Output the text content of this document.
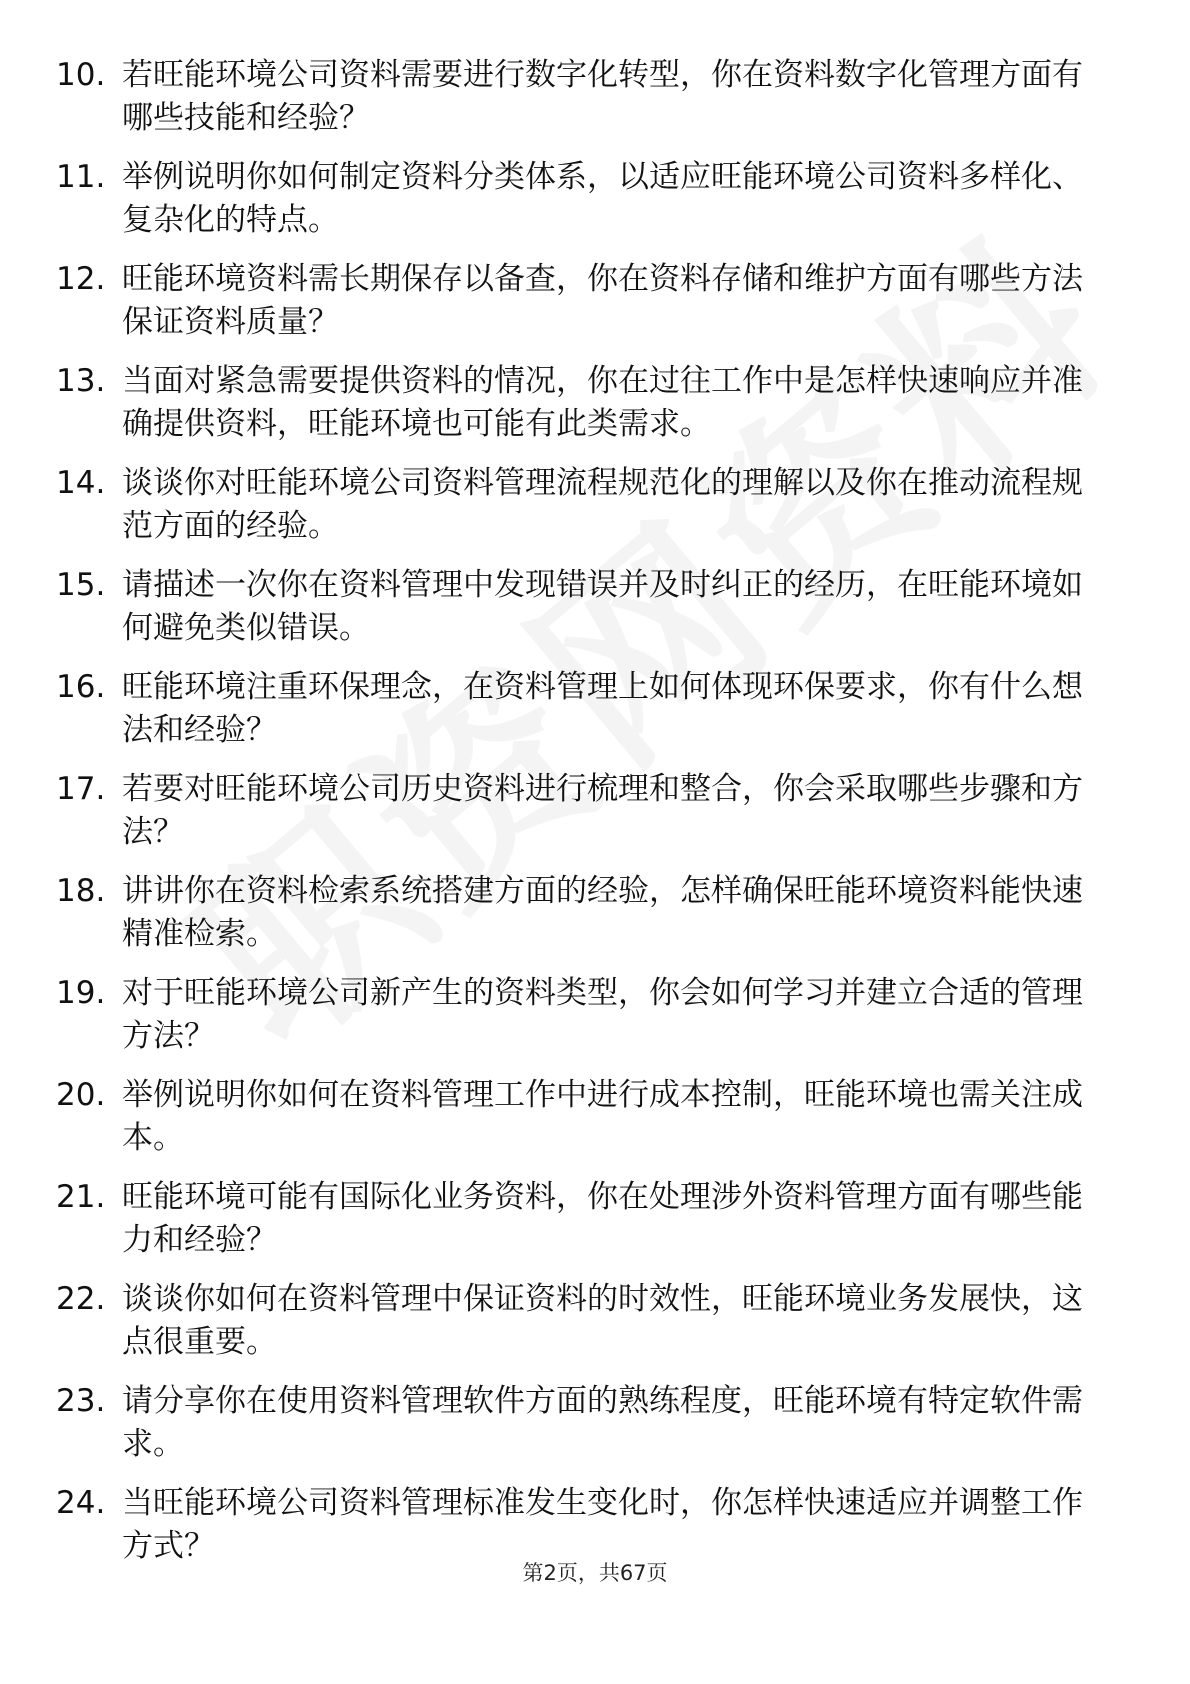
10. 若旺能环境公司资料需要进行数字化转型，你在资料数字化管理方面有哪些技能和经验？
11. 举例说明你如何制定资料分类体系，以适应旺能环境公司资料多样化、复杂化的特点。
12. 旺能环境资料需长期保存以备查，你在资料存储和维护方面有哪些方法保证资料质量？
13. 当面对紧急需要提供资料的情况，你在过往工作中是怎样快速响应并准确提供资料，旺能环境也可能有此类需求。
14. 谈谈你对旺能环境公司资料管理流程规范化的理解以及你在推动流程规范方面的经验。
15. 请描述一次你在资料管理中发现错误并及时纠正的经历，在旺能环境如何避免类似错误。
16. 旺能环境注重环保理念，在资料管理上如何体现环保要求，你有什么想法和经验？
17. 若要对旺能环境公司历史资料进行梳理和整合，你会采取哪些步骤和方法？
18. 讲讲你在资料检索系统搭建方面的经验，怎样确保旺能环境资料能快速精准检索。
19. 对于旺能环境公司新产生的资料类型，你会如何学习并建立合适的管理方法？
20. 举例说明你如何在资料管理工作中进行成本控制，旺能环境也需关注成本。
21. 旺能环境可能有国际化业务资料，你在处理涉外资料管理方面有哪些能力和经验？
22. 谈谈你如何在资料管理中保证资料的时效性，旺能环境业务发展快，这点很重要。
23. 请分享你在使用资料管理软件方面的熟练程度，旺能环境有特定软件需求。
24. 当旺能环境公司资料管理标准发生变化时，你怎样快速适应并调整工作方式？
第2页，共67页
